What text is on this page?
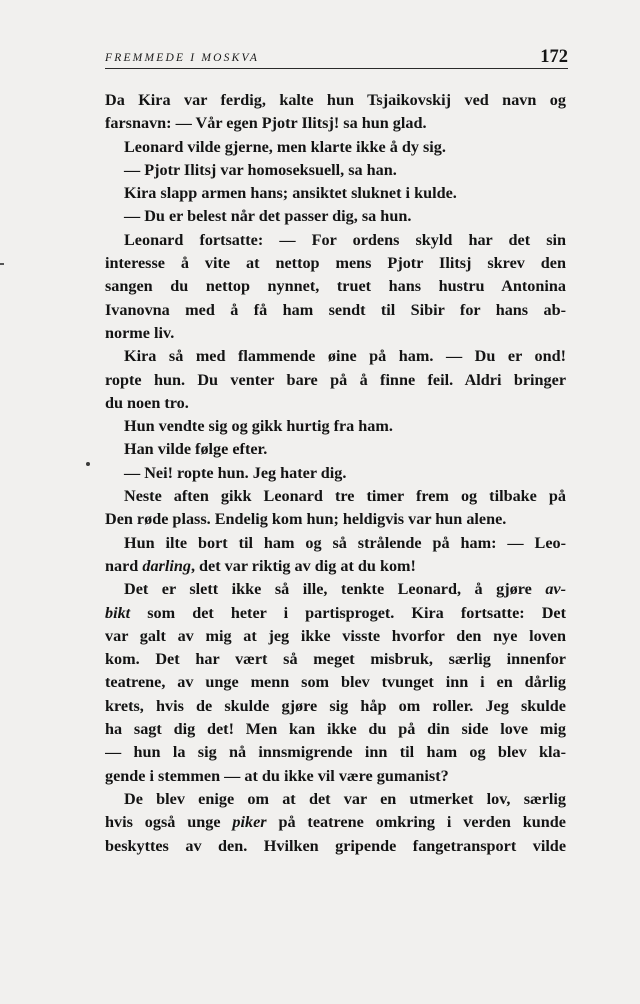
FREMMEDE I MOSKVA	172
Da Kira var ferdig, kalte hun Tsjaikovskij ved navn og
farsnavn: — Vår egen Pjotr Ilitsj! sa hun glad.
Leonard vilde gjerne, men klarte ikke å dy sig.
— Pjotr Ilitsj var homoseksuell, sa han.
Kira slapp armen hans; ansiktet sluknet i kulde.
— Du er belest når det passer dig, sa hun.
Leonard fortsatte: — For ordens skyld har det sin
interesse å vite at nettop mens Pjotr Ilitsj skrev den
sangen du nettop nynnet, truet hans hustru Antonina
Ivanovna med å få ham sendt til Sibir for hans ab-
norme liv.
Kira så med flammende øine på ham. — Du er ond!
ropte hun. Du venter bare på å finne feil. Aldri bringer
du noen tro.
Hun vendte sig og gikk hurtig fra ham.
Han vilde følge efter.
— Nei! ropte hun. Jeg hater dig.
Neste aften gikk Leonard tre timer frem og tilbake på
Den røde plass. Endelig kom hun; heldigvis var hun alene.
Hun ilte bort til ham og så strålende på ham: — Leo-
nard darling, det var riktig av dig at du kom!
Det er slett ikke så ille, tenkte Leonard, å gjøre av-
bikt som det heter i partisproget. Kira fortsatte: Det
var galt av mig at jeg ikke visste hvorfor den nye loven
kom. Det har vært så meget misbruk, særlig innenfor
teatrene, av unge menn som blev tvunget inn i en dårlig
krets, hvis de skulde gjøre sig håp om roller. Jeg skulde
ha sagt dig det! Men kan ikke du på din side love mig
— hun la sig nå innsmigrende inn til ham og blev kla-
gende i stemmen — at du ikke vil være gumanist?
De blev enige om at det var en utmerket lov, særlig
hvis også unge piker på teatrene omkring i verden kunde
beskyttes av den. Hvilken gripende fangetransport vilde
